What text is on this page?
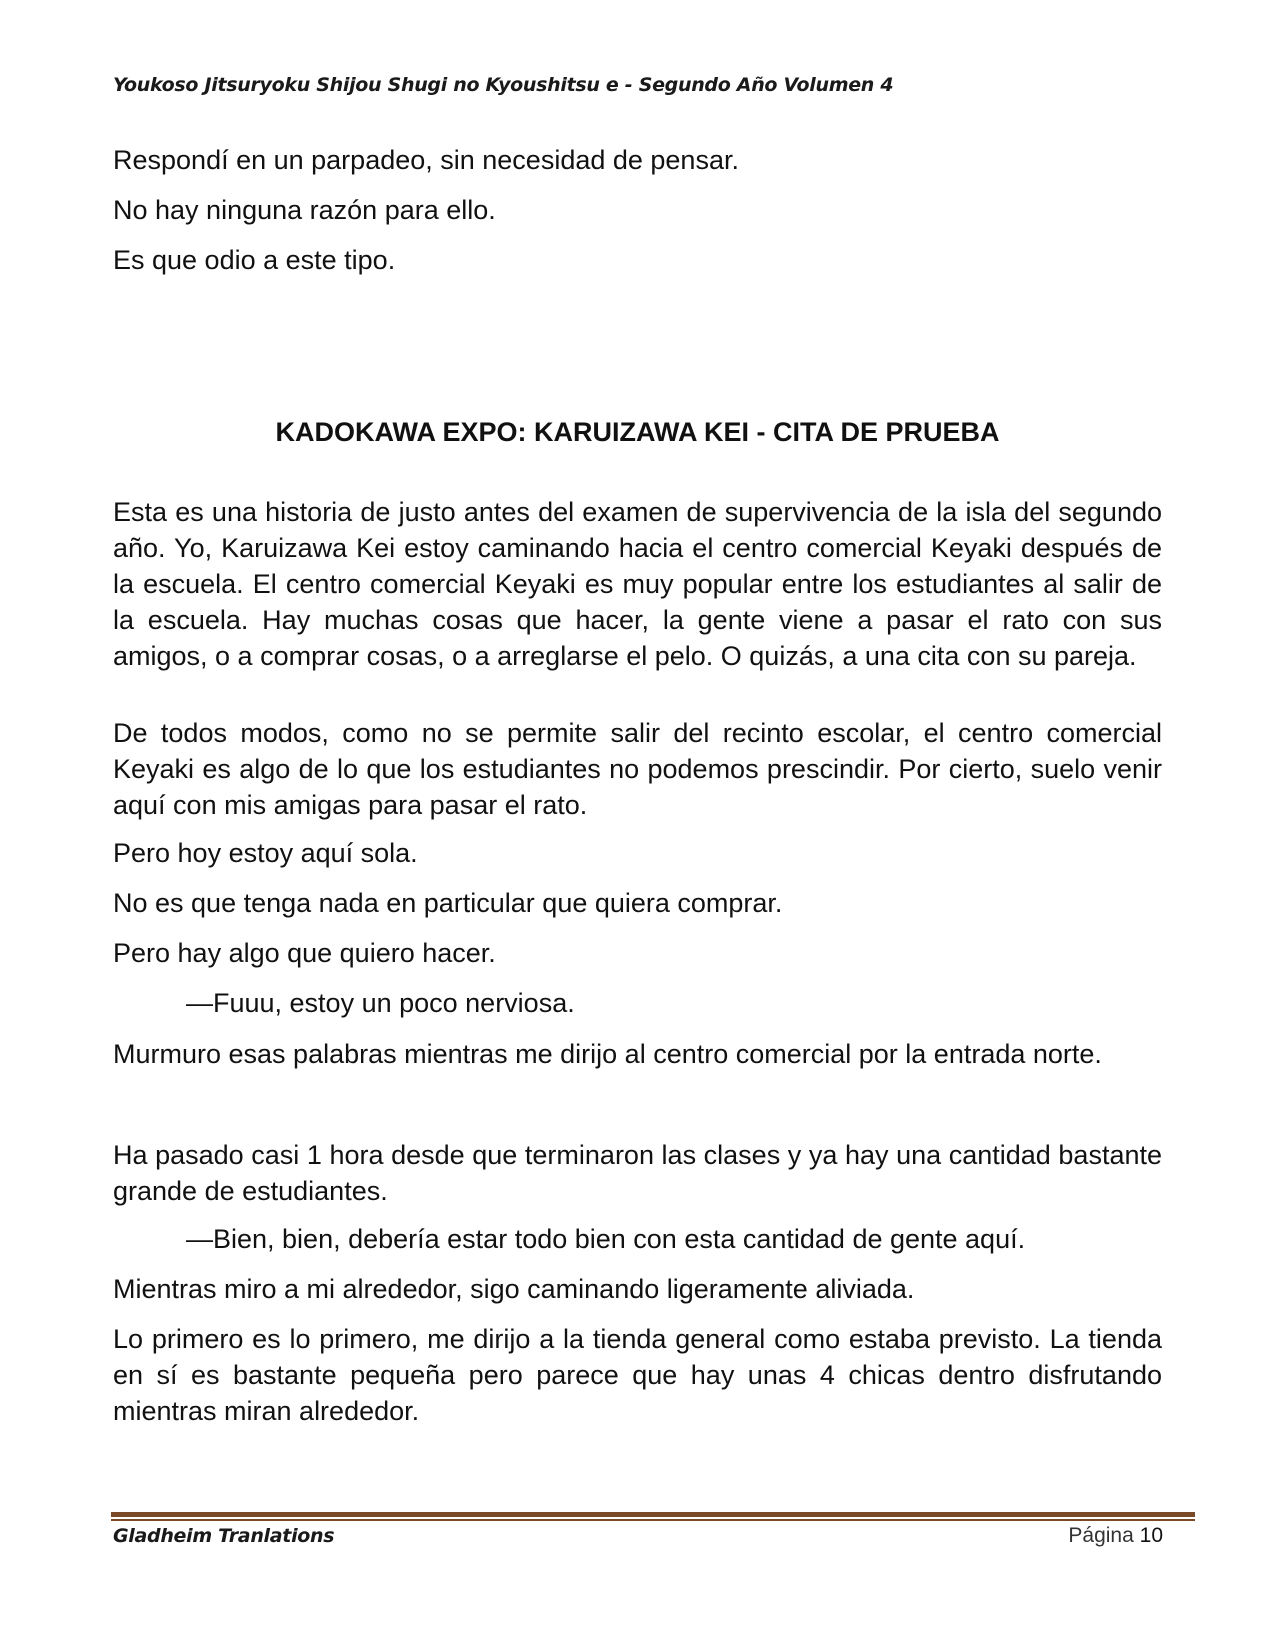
Youkoso Jitsuryoku Shijou Shugi no Kyoushitsu e - Segundo Año Volumen 4

Respondí en un parpadeo, sin necesidad de pensar.

No hay ninguna razón para ello.

Es que odio a este tipo.

Esta es una historia de justo antes del examen de supervivencia de la isla del segundo año. Yo, Karuizawa Kei estoy caminando hacia el centro comercial Keyaki después de la escuela. El centro comercial Keyaki es muy popular entre los estudiantes al salir de la escuela. Hay muchas cosas que hacer, la gente viene a pasar el rato con sus amigos, o a comprar cosas, o a arreglarse el pelo. O quizás, a una cita con su pareja.

De todos modos, como no se permite salir del recinto escolar, el centro comercial Keyaki es algo de lo que los estudiantes no podemos prescindir. Por cierto, suelo venir aquí con mis amigas para pasar el rato.

Pero hoy estoy aquí sola.

No es que tenga nada en particular que quiera comprar.

Pero hay algo que quiero hacer.

—Fuuu, estoy un poco nerviosa.

Murmuro esas palabras mientras me dirijo al centro comercial por la entrada norte.

Ha pasado casi 1 hora desde que terminaron las clases y ya hay una cantidad bastante grande de estudiantes.

—Bien, bien, debería estar todo bien con esta cantidad de gente aquí.

Mientras miro a mi alrededor, sigo caminando ligeramente aliviada.

Lo primero es lo primero, me dirijo a la tienda general como estaba previsto. La tienda en sí es bastante pequeña pero parece que hay unas 4 chicas dentro disfrutando mientras miran alrededor.

KADOKAWA EXPO: KARUIZAWA KEI - CITA DE PRUEBA
Gladheim Tranlations	Página 10
